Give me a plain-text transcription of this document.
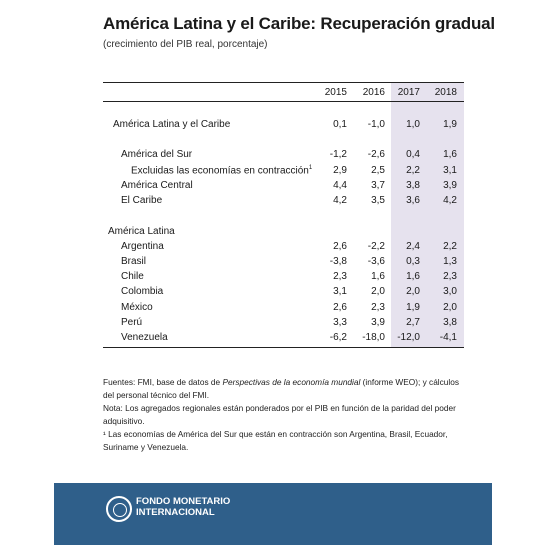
América Latina y el Caribe: Recuperación gradual
(crecimiento del PIB real, porcentaje)
2015	2016	2017	2018
América Latina y el Caribe	0,1	-1,0	1,0	1,9
América del Sur	-1,2	-2,6	0,4	1,6
Excluidas las economías en contracción$^1$	2,9	2,5	2,2	3,1
América Central	4,4	3,7	3,8	3,9
El Caribe	4,2	3,5	3,6	4,2
América Latina
Argentina	2,6	-2,2	2,4	2,2
Brasil	-3,8	-3,6	0,3	1,3
Chile	2,3	1,6	1,6	2,3
Colombia	3,1	2,0	2,0	3,0
México	2,6	2,3	1,9	2,0
Perú	3,3	3,9	2,7	3,8
Venezuela	-6,2	-18,0	-12,0	-4,1

Fuentes: FMI, base de datos de Perspectivas de la economía mundial (informe WEO); y cálculos del personal técnico del FMI.

Nota: Los agregados regionales están ponderados por el PIB en función de la paridad del poder adquisitivo.

¹ Las economías de América del Sur que están en contracción son Argentina, Brasil, Ecuador, Suriname y Venezuela.

FONDO MONETARIO
INTERNACIONAL
